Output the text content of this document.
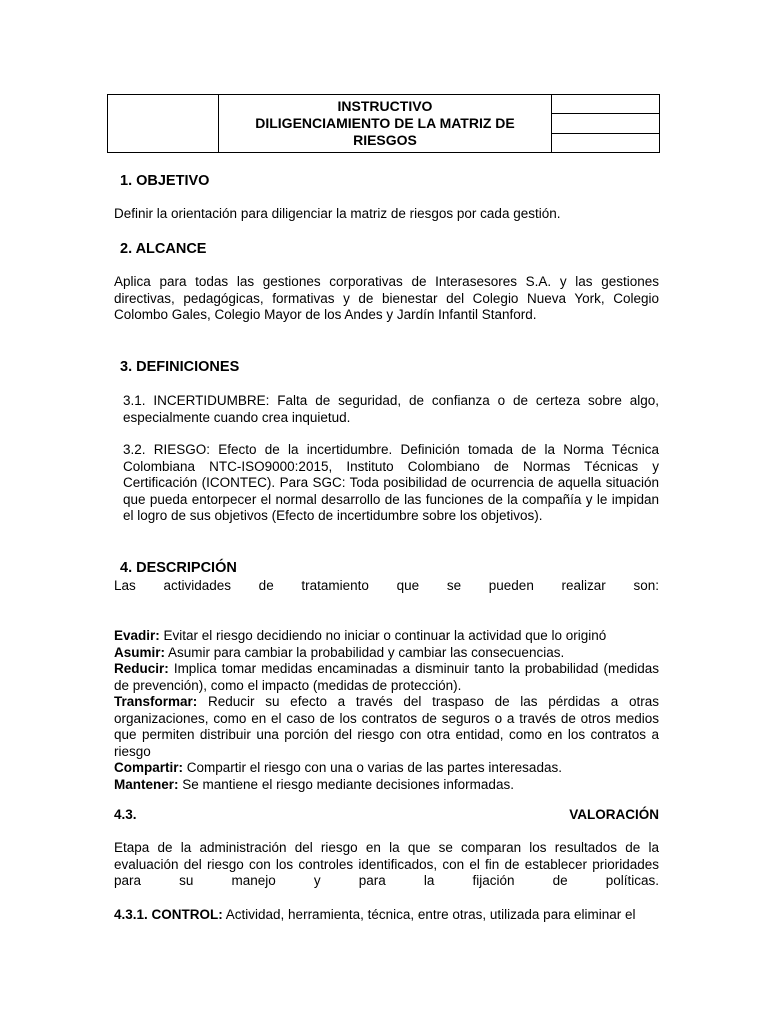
INSTRUCTIVO
DILIGENCIAMIENTO DE LA MATRIZ DE
RIESGOS

1. OBJETIVO

Definir la orientación para diligenciar la matriz de riesgos por cada gestión.

2. ALCANCE

Aplica para todas las gestiones corporativas de Interasesores S.A. y las gestiones directivas, pedagógicas, formativas y de bienestar del Colegio Nueva York, Colegio Colombo Gales, Colegio Mayor de los Andes y Jardín Infantil Stanford.

3. DEFINICIONES

3.1. INCERTIDUMBRE: Falta de seguridad, de confianza o de certeza sobre algo, especialmente cuando crea inquietud.

3.2. RIESGO: Efecto de la incertidumbre. Definición tomada de la Norma Técnica Colombiana NTC-ISO9000:2015, Instituto Colombiano de Normas Técnicas y Certificación (ICONTEC). Para SGC: Toda posibilidad de ocurrencia de aquella situación que pueda entorpecer el normal desarrollo de las funciones de la compañía y le impidan el logro de sus objetivos (Efecto de incertidumbre sobre los objetivos).

4. DESCRIPCIÓN

Las actividades de tratamiento que se pueden realizar son:

Evadir: Evitar el riesgo decidiendo no iniciar o continuar la actividad que lo originó
Asumir: Asumir para cambiar la probabilidad y cambiar las consecuencias.
Reducir: Implica tomar medidas encaminadas a disminuir tanto la probabilidad (medidas de prevención), como el impacto (medidas de protección).
Transformar: Reducir su efecto a través del traspaso de las pérdidas a otras organizaciones, como en el caso de los contratos de seguros o a través de otros medios que permiten distribuir una porción del riesgo con otra entidad, como en los contratos a riesgo
Compartir: Compartir el riesgo con una o varias de las partes interesadas.
Mantener: Se mantiene el riesgo mediante decisiones informadas.
4.3.	VALORACIÓN

Etapa de la administración del riesgo en la que se comparan los resultados de la evaluación del riesgo con los controles identificados, con el fin de establecer prioridades para su manejo y para la fijación de políticas.

4.3.1. CONTROL: Actividad, herramienta, técnica, entre otras, utilizada para eliminar el
